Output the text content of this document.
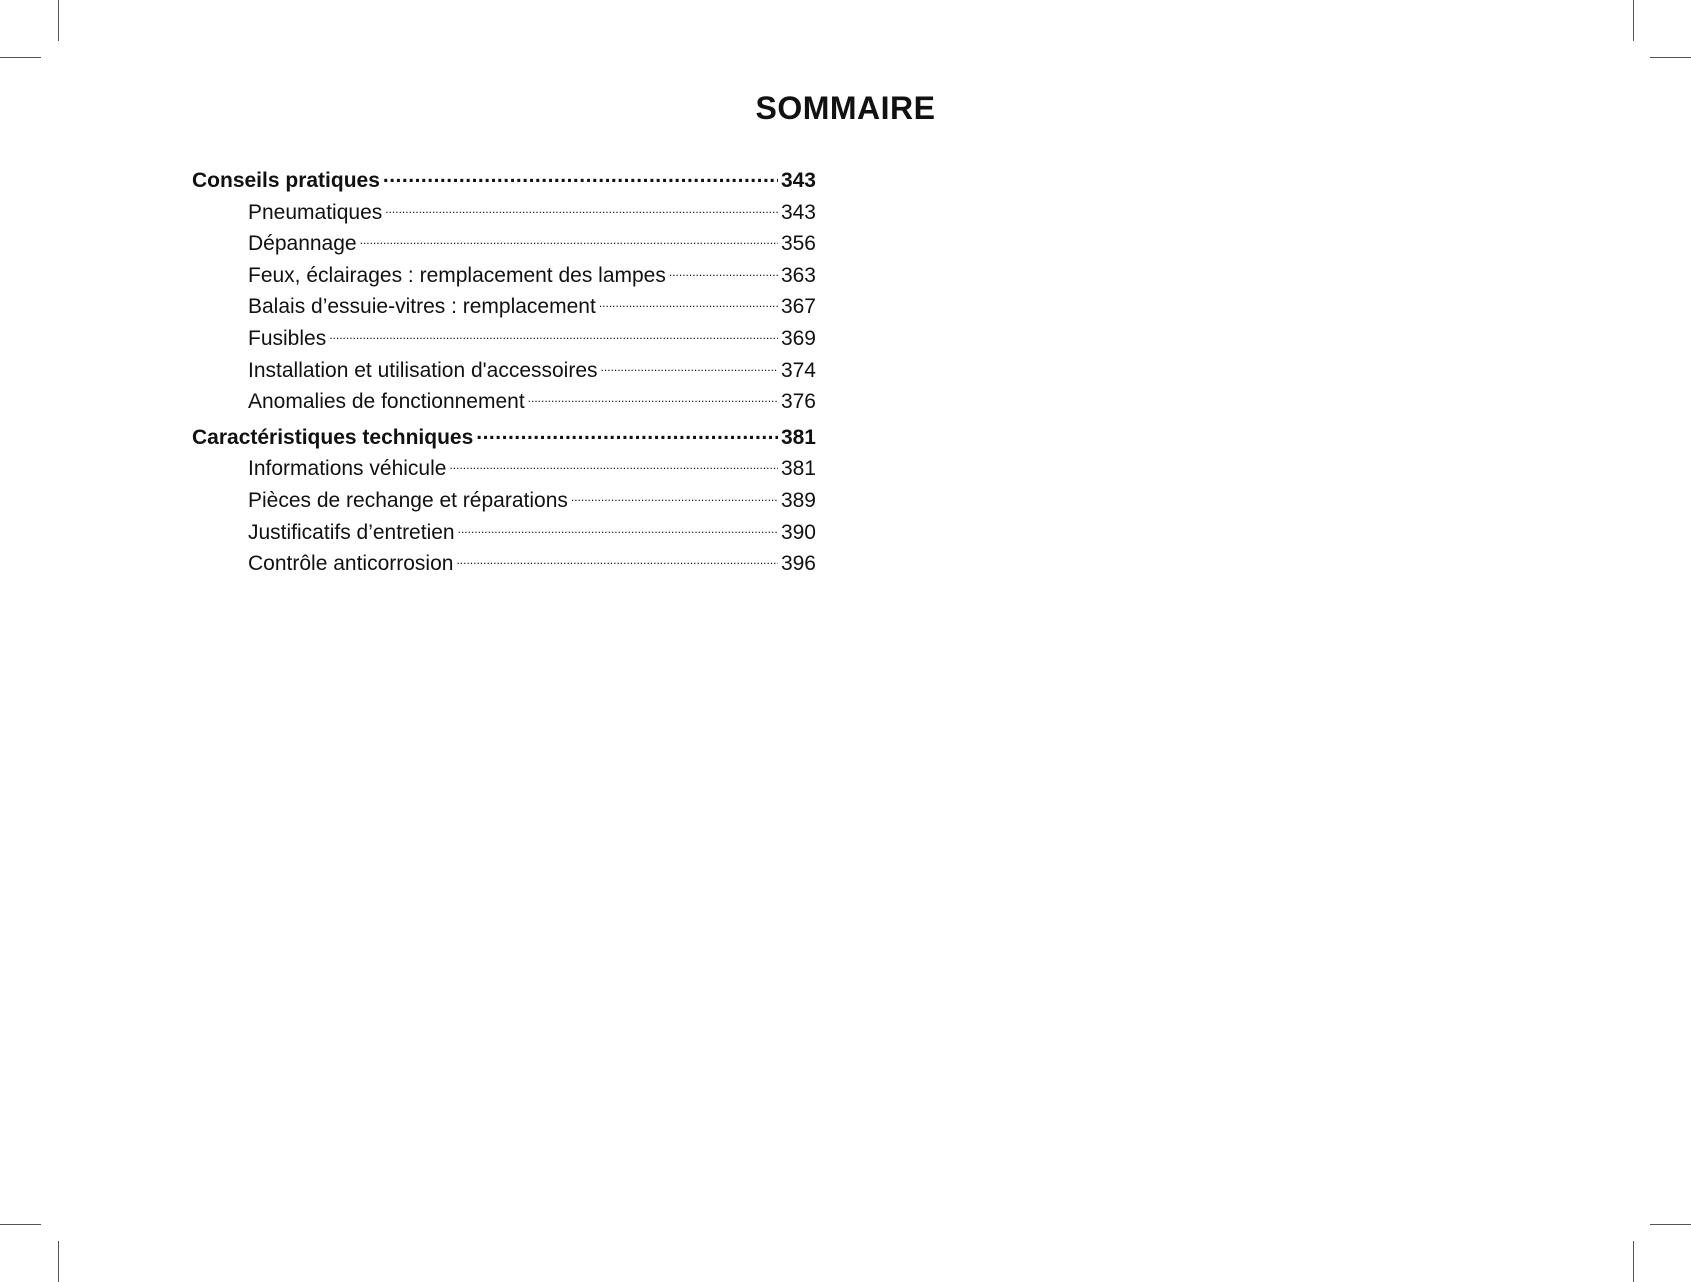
SOMMAIRE
Conseils pratiques .....	343
Pneumatiques .....	343
Dépannage .....	356
Feux, éclairages : remplacement des lampes .....	363
Balais d’essuie-vitres : remplacement .....	367
Fusibles .....	369
Installation et utilisation d'accessoires .....	374
Anomalies de fonctionnement .....	376
Caractéristiques techniques .....	381
Informations véhicule .....	381
Pièces de rechange et réparations .....	389
Justificatifs d’entretien .....	390
Contrôle anticorrosion .....	396
